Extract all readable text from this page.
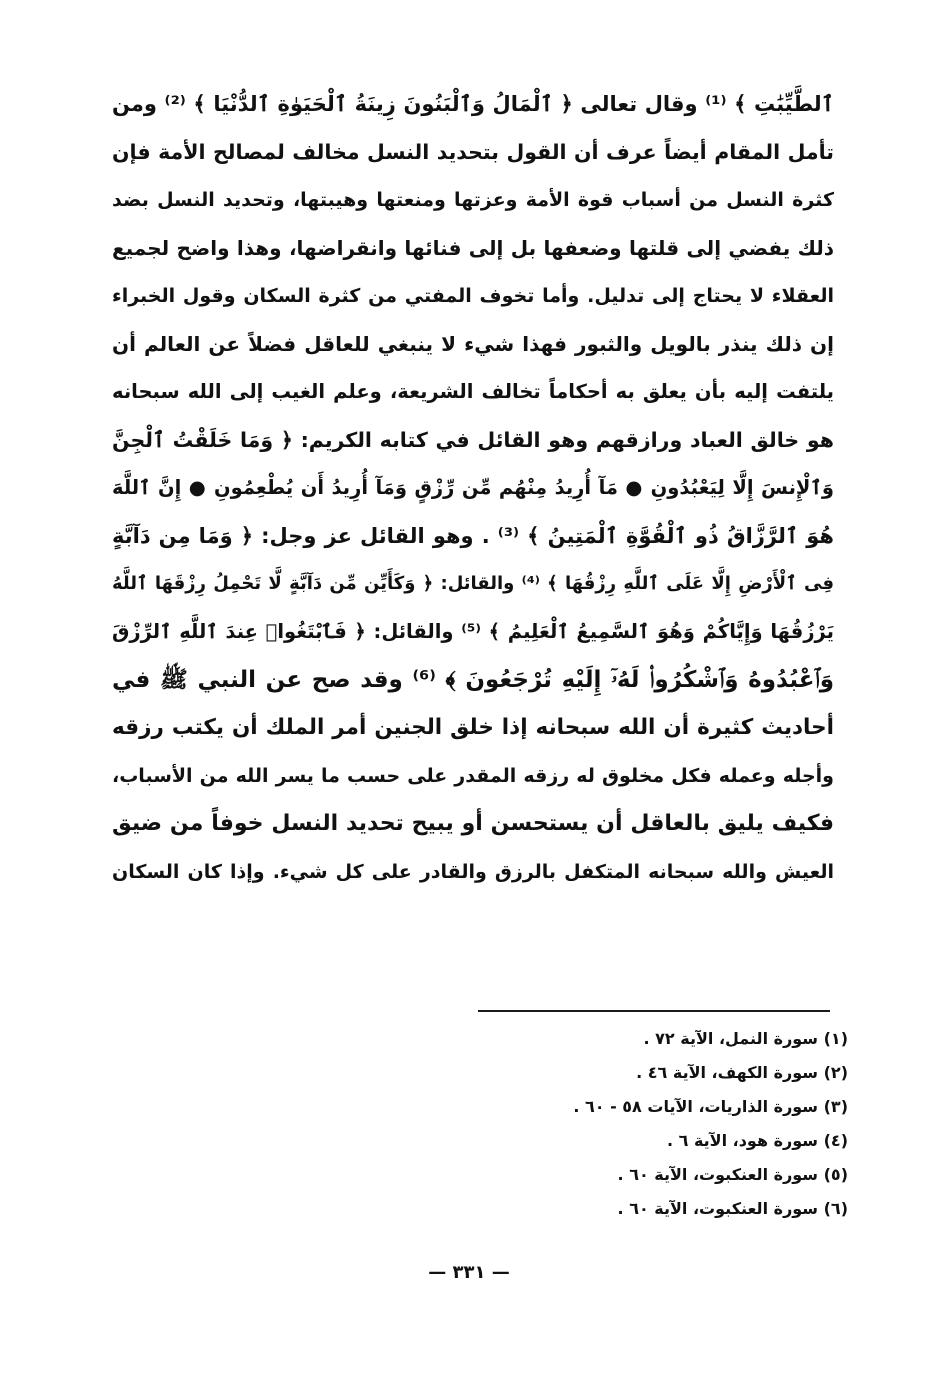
ٱلطَّيِّبَٰتِ ﴾ ⁽¹⁾ وقال تعالى ﴿ ٱلْمَالُ وَٱلْبَنُونَ زِينَةُ ٱلْحَيَوٰةِ ٱلدُّنْيَا ﴾ ⁽²⁾ ومن
تأمل المقام أيضاً عرف أن القول بتحديد النسل مخالف لمصالح الأمة فإن
كثرة النسل من أسباب قوة الأمة وعزتها ومنعتها وهيبتها، وتحديد النسل بضد
ذلك يفضي إلى قلتها وضعفها بل إلى فنائها وانقراضها، وهذا واضح لجميع
العقلاء لا يحتاج إلى تدليل. وأما تخوف المفتي من كثرة السكان وقول الخبراء
إن ذلك ينذر بالويل والثبور فهذا شيء لا ينبغي للعاقل فضلاً عن العالم أن
يلتفت إليه بأن يعلق به أحكاماً تخالف الشريعة، وعلم الغيب إلى الله سبحانه
هو خالق العباد ورازقهم وهو القائل في كتابه الكريم: ﴿ وَمَا خَلَقْتُ ٱلْجِنَّ
وَٱلْإِنسَ إِلَّا لِيَعْبُدُونِ ● مَآ أُرِيدُ مِنْهُم مِّن رِّزْقٍ وَمَآ أُرِيدُ أَن يُطْعِمُونِ ● إِنَّ ٱللَّهَ
هُوَ ٱلرَّزَّاقُ ذُو ٱلْقُوَّةِ ٱلْمَتِينُ ﴾ ⁽³⁾ . وهو القائل عز وجل: ﴿ وَمَا مِن دَآبَّةٍ
فِى ٱلْأَرْضِ إِلَّا عَلَى ٱللَّهِ رِزْقُهَا ﴾ ⁽⁴⁾ والقائل: ﴿ وَكَأَيِّن مِّن دَآبَّةٍ لَّا تَحْمِلُ رِزْقَهَا ٱللَّهُ
يَرْزُقُهَا وَإِيَّاكُمْ وَهُوَ ٱلسَّمِيعُ ٱلْعَلِيمُ ﴾ ⁽⁵⁾ والقائل: ﴿ فَٱبْتَغُوا۟ عِندَ ٱللَّهِ ٱلرِّزْقَ
وَٱعْبُدُوهُ وَٱشْكُرُوا۟ لَهُۥٓ إِلَيْهِ تُرْجَعُونَ ﴾ ⁽⁶⁾ وقد صح عن النبي ﷺ في
أحاديث كثيرة أن الله سبحانه إذا خلق الجنين أمر الملك أن يكتب رزقه
وأجله وعمله فكل مخلوق له رزقه المقدر على حسب ما يسر الله من الأسباب،
فكيف يليق بالعاقل أن يستحسن أو يبيح تحديد النسل خوفاً من ضيق
العيش والله سبحانه المتكفل بالرزق والقادر على كل شيء. وإذا كان السكان
(١) سورة النمل، الآية ٧٢ .
(٢) سورة الكهف، الآية ٤٦ .
(٣) سورة الذاريات، الآيات ٥٨ - ٦٠ .
(٤) سورة هود، الآية ٦ .
(٥) سورة العنكبوت، الآية ٦٠ .
(٦) سورة العنكبوت، الآية ٦٠ .
— ٣٣١ —
